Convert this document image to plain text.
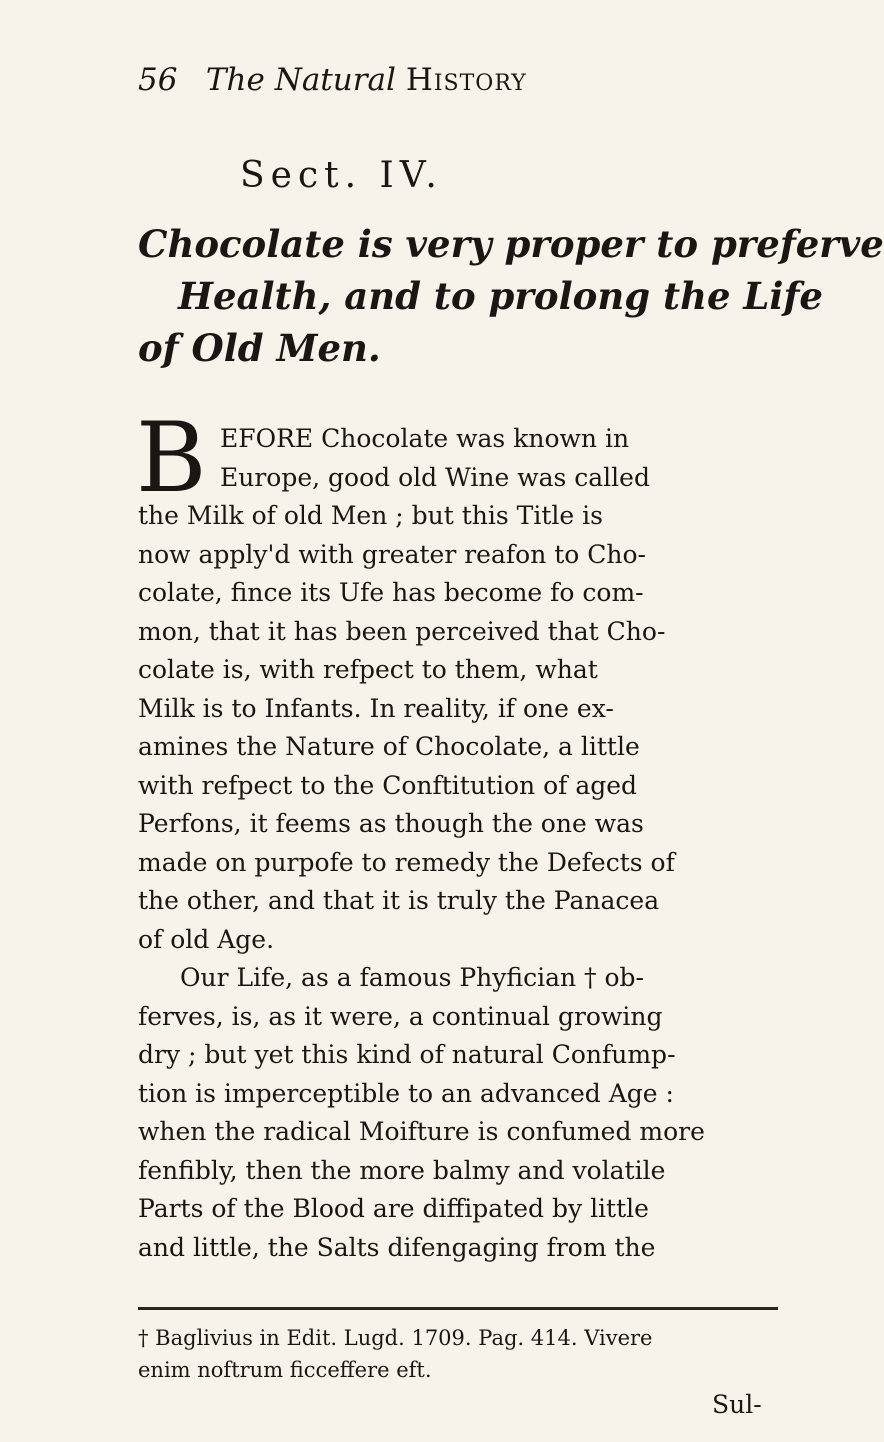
56 The Natural History
Sect. IV.
Chocolate is very proper to preferve
Health, and to prolong the Life
of Old Men.
B EFORE Chocolate was known in
Europe, good old Wine was called
the Milk of old Men ; but this Title is
now apply'd with greater reafon to Cho-
colate, fince its Ufe has become fo com-
mon, that it has been perceived that Cho-
colate is, with refpect to them, what
Milk is to Infants. In reality, if one ex-
amines the Nature of Chocolate, a little
with refpect to the Conftitution of aged
Perfons, it feems as though the one was
made on purpofe to remedy the Defects of
the other, and that it is truly the Panacea
of old Age.
Our Life, as a famous Phyfician † ob-
ferves, is, as it were, a continual growing
dry ; but yet this kind of natural Confump-
tion is imperceptible to an advanced Age :
when the radical Moifture is confumed more
fenfibly, then the more balmy and volatile
Parts of the Blood are diffipated by little
and little, the Salts difengaging from the
† Baglivius in Edit. Lugd. 1709. Pag. 414. Vivere
enim noftrum ficceffere eft.
Sul-
